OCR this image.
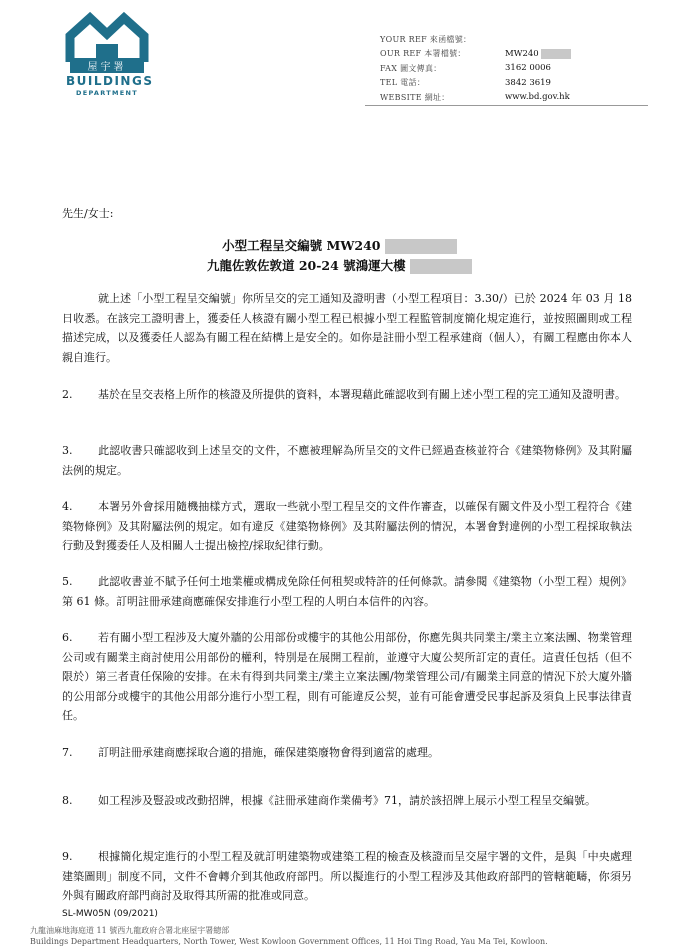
屋宇署
BUILDINGS
DEPARTMENT
YOUR REF 來函檔號：
OUR REF 本署檔號：	MW240
FAX 圖文傳真：	3162 0006
TEL 電話：	3842 3619
WEBSITE 網址：	www.bd.gov.hk
先生/女士:
小型工程呈交編號 MW240
九龍佐敦佐敦道 20-24 號鴻運大樓
就上述「小型工程呈交編號」你所呈交的完工通知及證明書（小型工程項目：3.30/）已於 2024 年 03 月 18 日收悉。在該完工證明書上，獲委任人核證有關小型工程已根據小型工程監管制度簡化規定進行，並按照圖則或工程描述完成，以及獲委任人認為有關工程在結構上是安全的。如你是註冊小型工程承建商（個人），有關工程應由你本人親自進行。
2. 基於在呈交表格上所作的核證及所提供的資料，本署現藉此確認收到有關上述小型工程的完工通知及證明書。
3. 此認收書只確認收到上述呈交的文件，不應被理解為所呈交的文件已經過查核並符合《建築物條例》及其附屬法例的規定。
4. 本署另外會採用隨機抽樣方式，選取一些就小型工程呈交的文件作審查，以確保有關文件及小型工程符合《建築物條例》及其附屬法例的規定。如有違反《建築物條例》及其附屬法例的情況，本署會對違例的小型工程採取執法行動及對獲委任人及相關人士提出檢控/採取紀律行動。
5. 此認收書並不賦予任何土地業權或構成免除任何租契或特許的任何條款。請參閱《建築物（小型工程）規例》第 61 條。訂明註冊承建商應確保安排進行小型工程的人明白本信件的內容。
6. 若有關小型工程涉及大廈外牆的公用部份或樓宇的其他公用部份，你應先與共同業主/業主立案法團、物業管理公司或有關業主商討使用公用部份的權利，特別是在展開工程前，並遵守大廈公契所訂定的責任。這責任包括（但不限於）第三者責任保險的安排。在未有得到共同業主/業主立案法團/物業管理公司/有關業主同意的情況下於大廈外牆的公用部分或樓宇的其他公用部分進行小型工程，則有可能違反公契，並有可能會遭受民事起訴及須負上民事法律責任。
7. 訂明註冊承建商應採取合適的措施，確保建築廢物會得到適當的處理。
8. 如工程涉及豎設或改動招牌，根據《註冊承建商作業備考》71，請於該招牌上展示小型工程呈交編號。
9. 根據簡化規定進行的小型工程及就訂明建築物或建築工程的檢查及核證而呈交屋宇署的文件，是與「中央處理建築圖則」制度不同，文件不會轉介到其他政府部門。所以擬進行的小型工程涉及其他政府部門的管轄範疇，你須另外與有關政府部門商討及取得其所需的批准或同意。
SL-MW05N (09/2021)
九龍油麻地海庭道 11 號西九龍政府合署北座屋宇署總部
Buildings Department Headquarters, North Tower, West Kowloon Government Offices, 11 Hoi Ting Road, Yau Ma Tei, Kowloon.
